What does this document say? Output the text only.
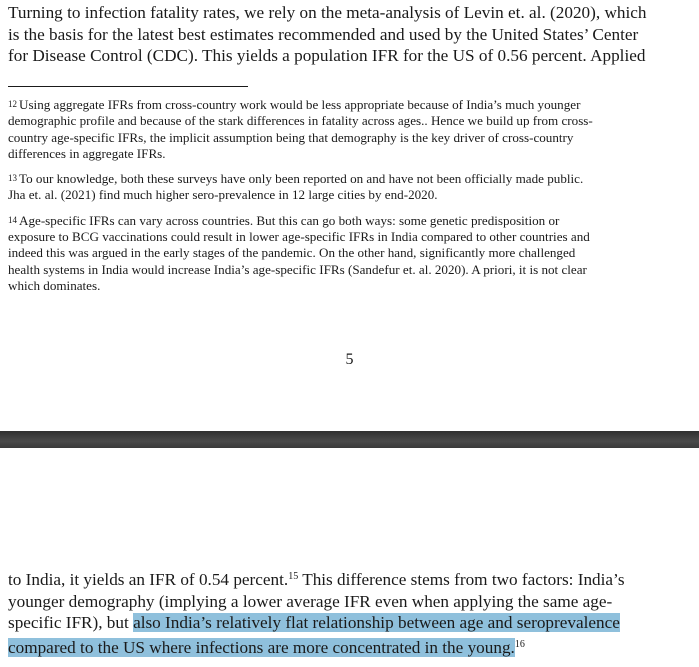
Turning to infection fatality rates, we rely on the meta-analysis of Levin et. al. (2020), which

is the basis for the latest best estimates recommended and used by the United States’ Center

for Disease Control (CDC). This yields a population IFR for the US of 0.56 percent. Applied

12 Using aggregate IFRs from cross-country work would be less appropriate because of India’s much younger

demographic profile and because of the stark differences in fatality across ages.. Hence we build up from cross-

country age-specific IFRs, the implicit assumption being that demography is the key driver of cross-country

differences in aggregate IFRs.

13 To our knowledge, both these surveys have only been reported on and have not been officially made public.

Jha et. al. (2021) find much higher sero-prevalence in 12 large cities by end-2020.

14 Age-specific IFRs can vary across countries. But this can go both ways: some genetic predisposition or

exposure to BCG vaccinations could result in lower age-specific IFRs in India compared to other countries and

indeed this was argued in the early stages of the pandemic. On the other hand, significantly more challenged

health systems in India would increase India’s age-specific IFRs (Sandefur et. al. 2020). A priori, it is not clear

which dominates.

5

to India, it yields an IFR of 0.54 percent.$^{15}$ This difference stems from two factors: India’s

younger demography (implying a lower average IFR even when applying the same age-

specific IFR), but also India’s relatively flat relationship between age and seroprevalence

compared to the US where infections are more concentrated in the young.$^{16}$
